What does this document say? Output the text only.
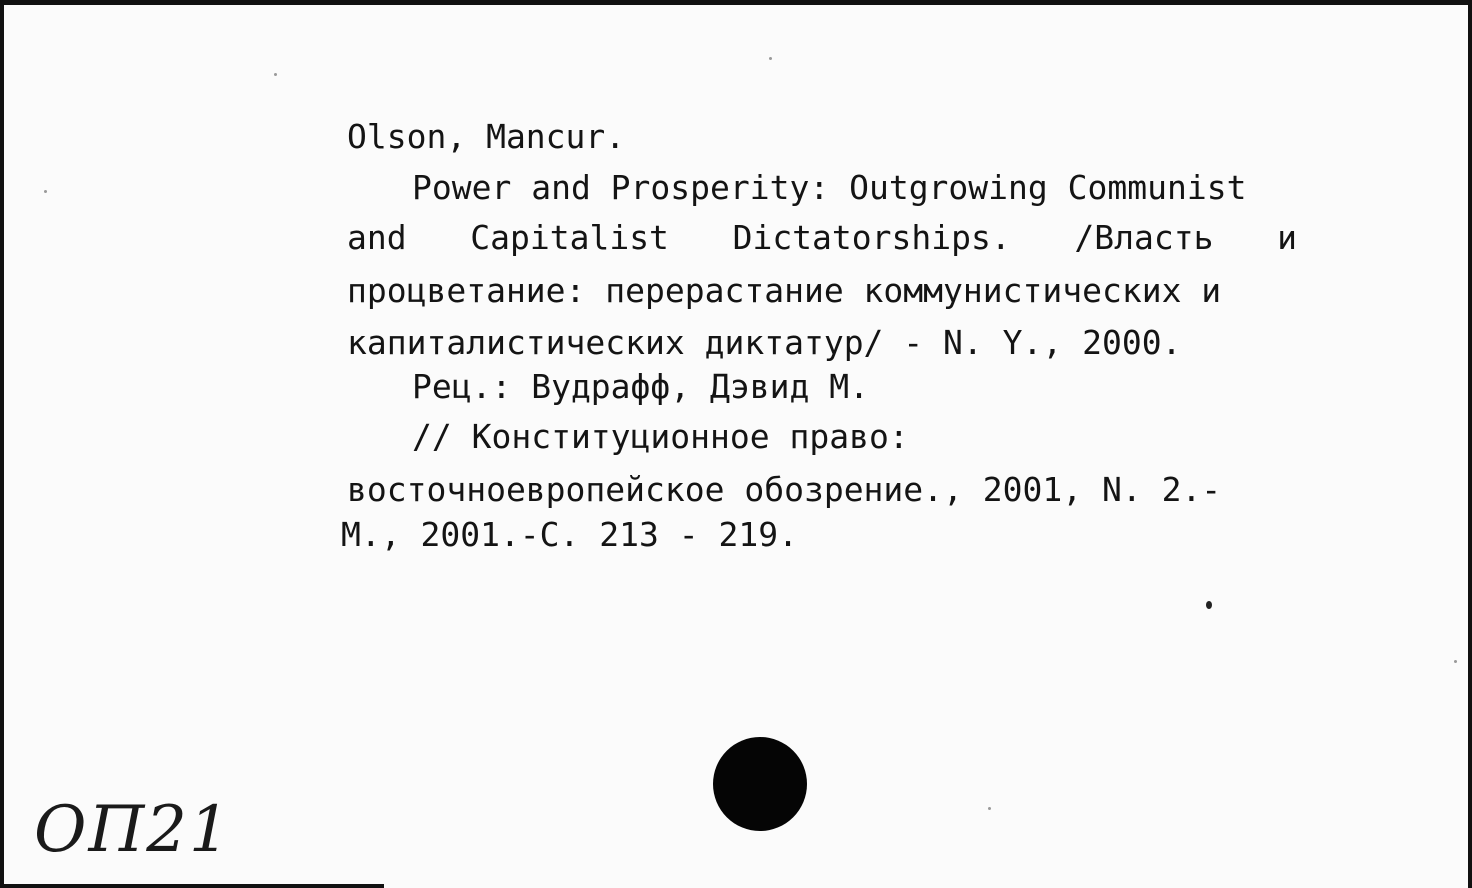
Olson, Mancur.

Power and Prosperity: Outgrowing Communist

and Capitalist Dictatorships. /Власть и

процветание: перерастание коммунистических и

капиталистических диктатур/ - N. Y., 2000.

Рец.: Вудрафф, Дэвид М.

// Конституционное право:

восточноевропейское обозрение., 2001, N. 2.-

М., 2001.-С. 213 - 219.

ОП21
